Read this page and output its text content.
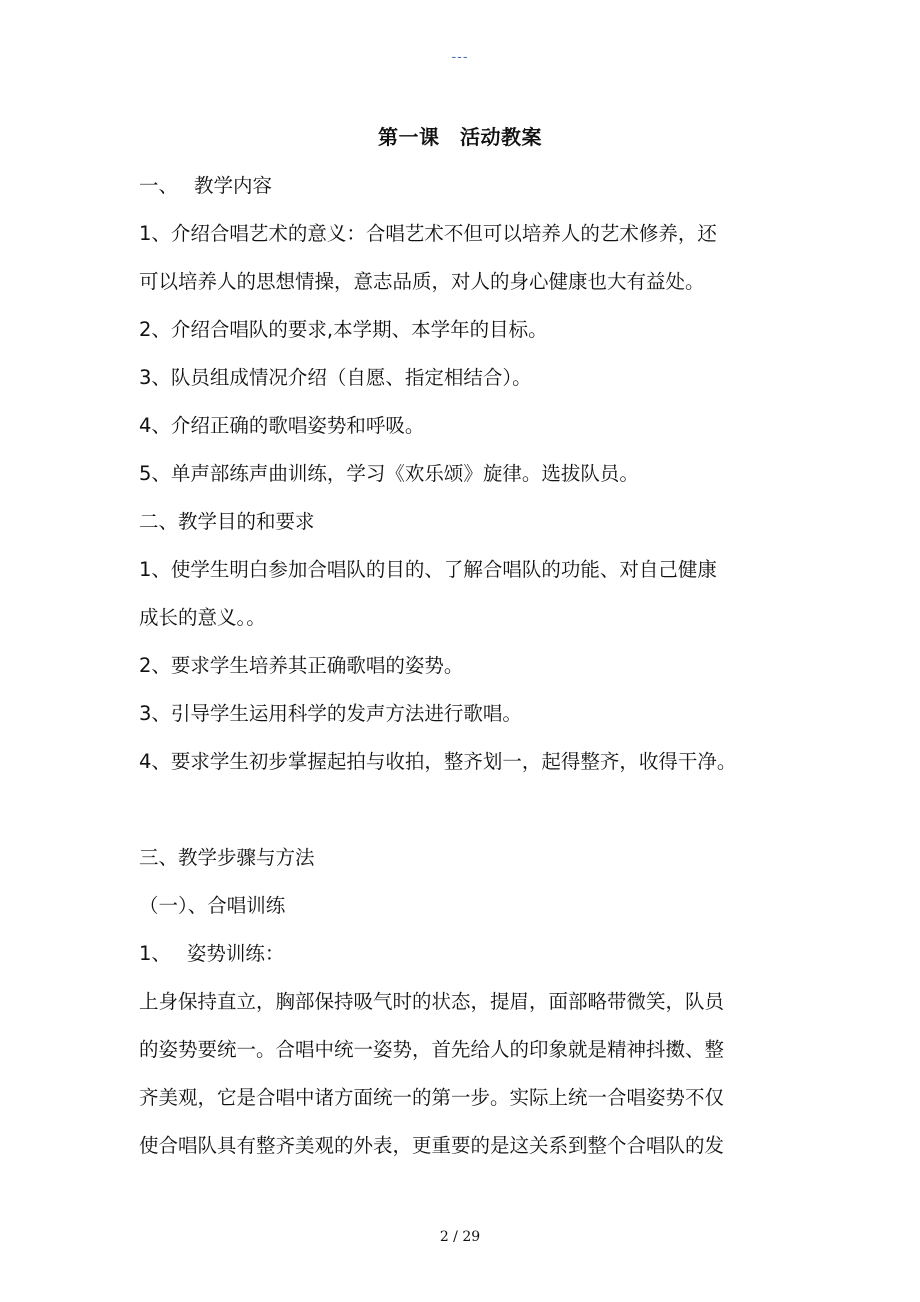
---
第一课　活动教案
一、　 教学内容
1、介绍合唱艺术的意义：合唱艺术不但可以培养人的艺术修养，还
可以培养人的思想情操，意志品质，对人的身心健康也大有益处。
2、介绍合唱队的要求,本学期、本学年的目标。
3、队员组成情况介绍（自愿、指定相结合）。
4、介绍正确的歌唱姿势和呼吸。
5、单声部练声曲训练，学习《欢乐颂》旋律。选拔队员。
二、教学目的和要求
1、使学生明白参加合唱队的目的、了解合唱队的功能、对自己健康
成长的意义。。
2、要求学生培养其正确歌唱的姿势。
3、引导学生运用科学的发声方法进行歌唱。
4、要求学生初步掌握起拍与收拍，整齐划一，起得整齐，收得干净。
三、教学步骤与方法
（一）、合唱训练
1、　 姿势训练：
上身保持直立，胸部保持吸气时的状态，提眉，面部略带微笑，队员
的姿势要统一。合唱中统一姿势，首先给人的印象就是精神抖擞、整
齐美观，它是合唱中诸方面统一的第一步。实际上统一合唱姿势不仅
使合唱队具有整齐美观的外表，更重要的是这关系到整个合唱队的发
2 / 29
